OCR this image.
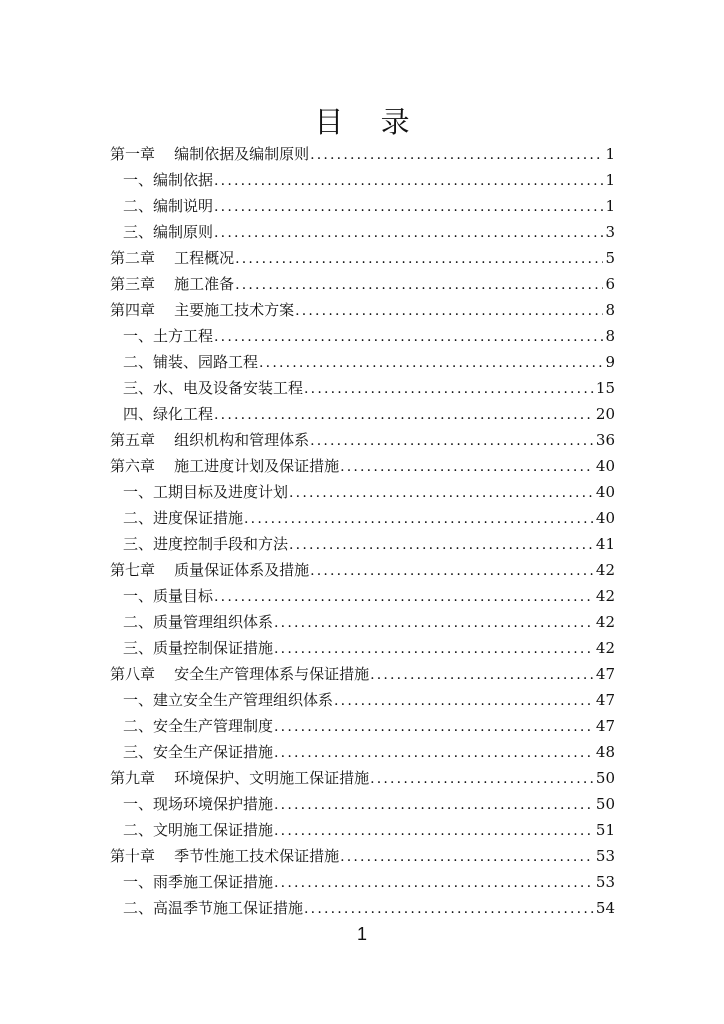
目 录
第一章    编制依据及编制原则 .....	1
一、编制依据 .....	1
二、编制说明 .....	1
三、编制原则 .....	3
第二章    工程概况 .....	5
第三章    施工准备 .....	6
第四章    主要施工技术方案 .....	8
一、土方工程 .....	8
二、铺装、园路工程 .....	9
三、水、电及设备安装工程 .....	15
四、绿化工程 .....	20
第五章    组织机构和管理体系 .....	36
第六章    施工进度计划及保证措施 .....	40
一、工期目标及进度计划 .....	40
二、进度保证措施 .....	40
三、进度控制手段和方法 .....	41
第七章    质量保证体系及措施 .....	42
一、质量目标 .....	42
二、质量管理组织体系 .....	42
三、质量控制保证措施 .....	42
第八章    安全生产管理体系与保证措施 .....	47
一、建立安全生产管理组织体系 .....	47
二、安全生产管理制度 .....	47
三、安全生产保证措施 .....	48
第九章    环境保护、文明施工保证措施 .....	50
一、现场环境保护措施 .....	50
二、文明施工保证措施 .....	51
第十章    季节性施工技术保证措施 .....	53
一、雨季施工保证措施 .....	53
二、高温季节施工保证措施 .....	54
1
